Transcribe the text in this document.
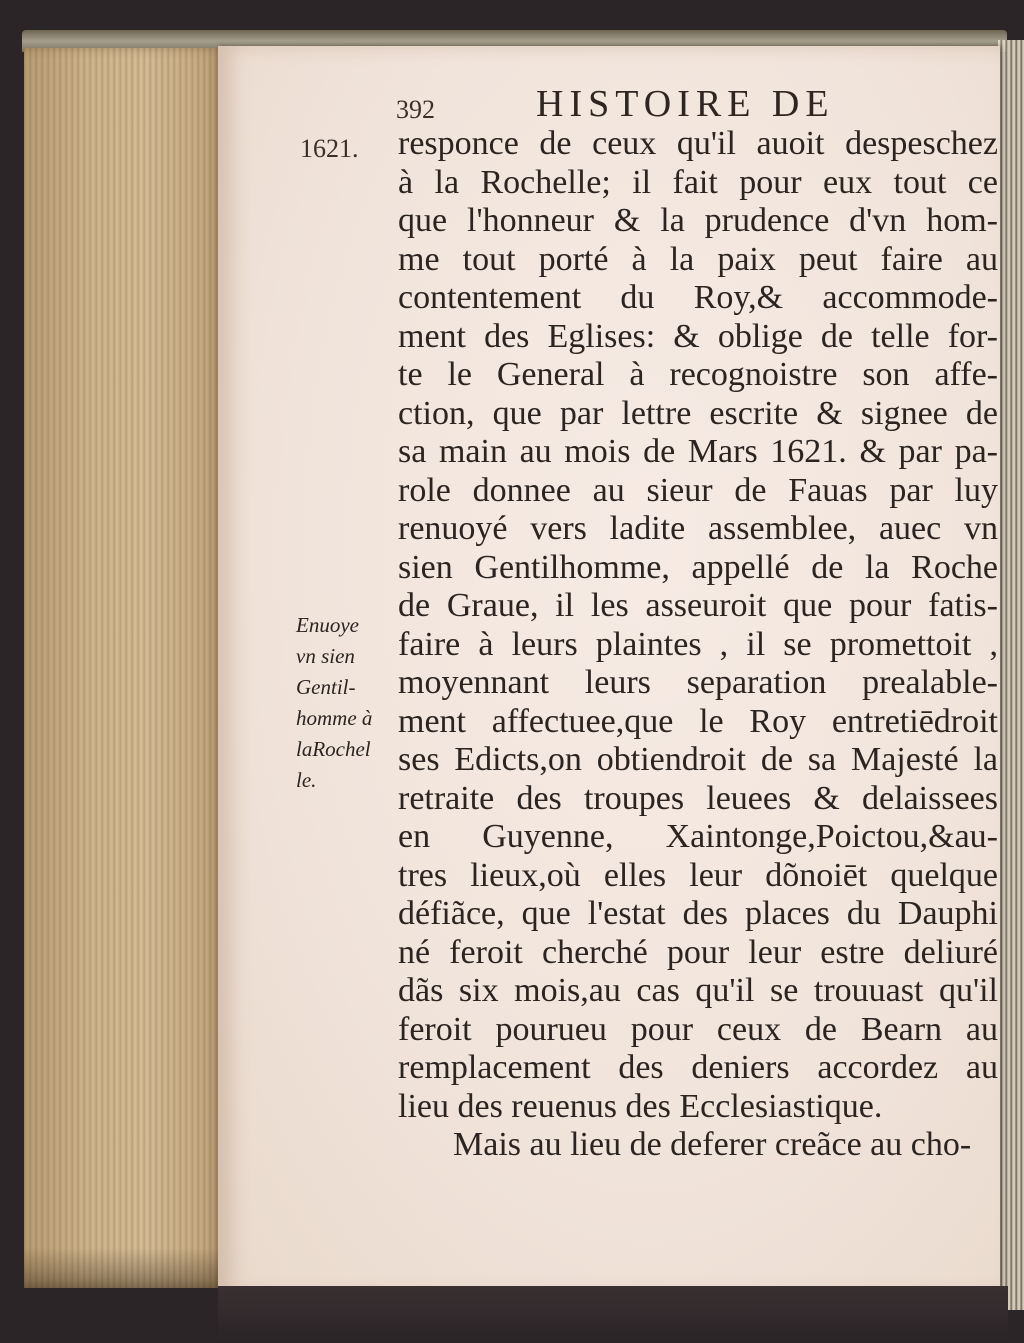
392	HISTOIRE DE
1621.
Enuoye
vn sien
Gentil-
homme à
laRochel
le.
responce de ceux qu'il auoit despeschez
à la Rochelle; il fait pour eux tout ce
que l'honneur & la prudence d'vn hom-
me tout porté à la paix peut faire au
contentement du Roy,& accommode-
ment des Eglises: & oblige de telle for-
te le General à recognoistre son affe-
ction, que par lettre escrite & signee de
sa main au mois de Mars 1621. & par pa-
role donnee au sieur de Fauas par luy
renuoyé vers ladite assemblee, auec vn
sien Gentilhomme, appellé de la Roche
de Graue, il les asseuroit que pour fatis-
faire à leurs plaintes , il se promettoit ,
moyennant leurs separation prealable-
ment affectuee,que le Roy entretiēdroit
ses Edicts,on obtiendroit de sa Majesté la
retraite des troupes leuees & delaissees
en Guyenne, Xaintonge,Poictou,&au-
tres lieux,où elles leur dõnoiēt quelque
défiãce, que l'estat des places du Dauphi
né feroit cherché pour leur estre deliuré
dãs six mois,au cas qu'il se trouuast qu'il
feroit pourueu pour ceux de Bearn au
remplacement des deniers accordez au
lieu des reuenus des Ecclesiastique.
Mais au lieu de deferer creãce au cho-
